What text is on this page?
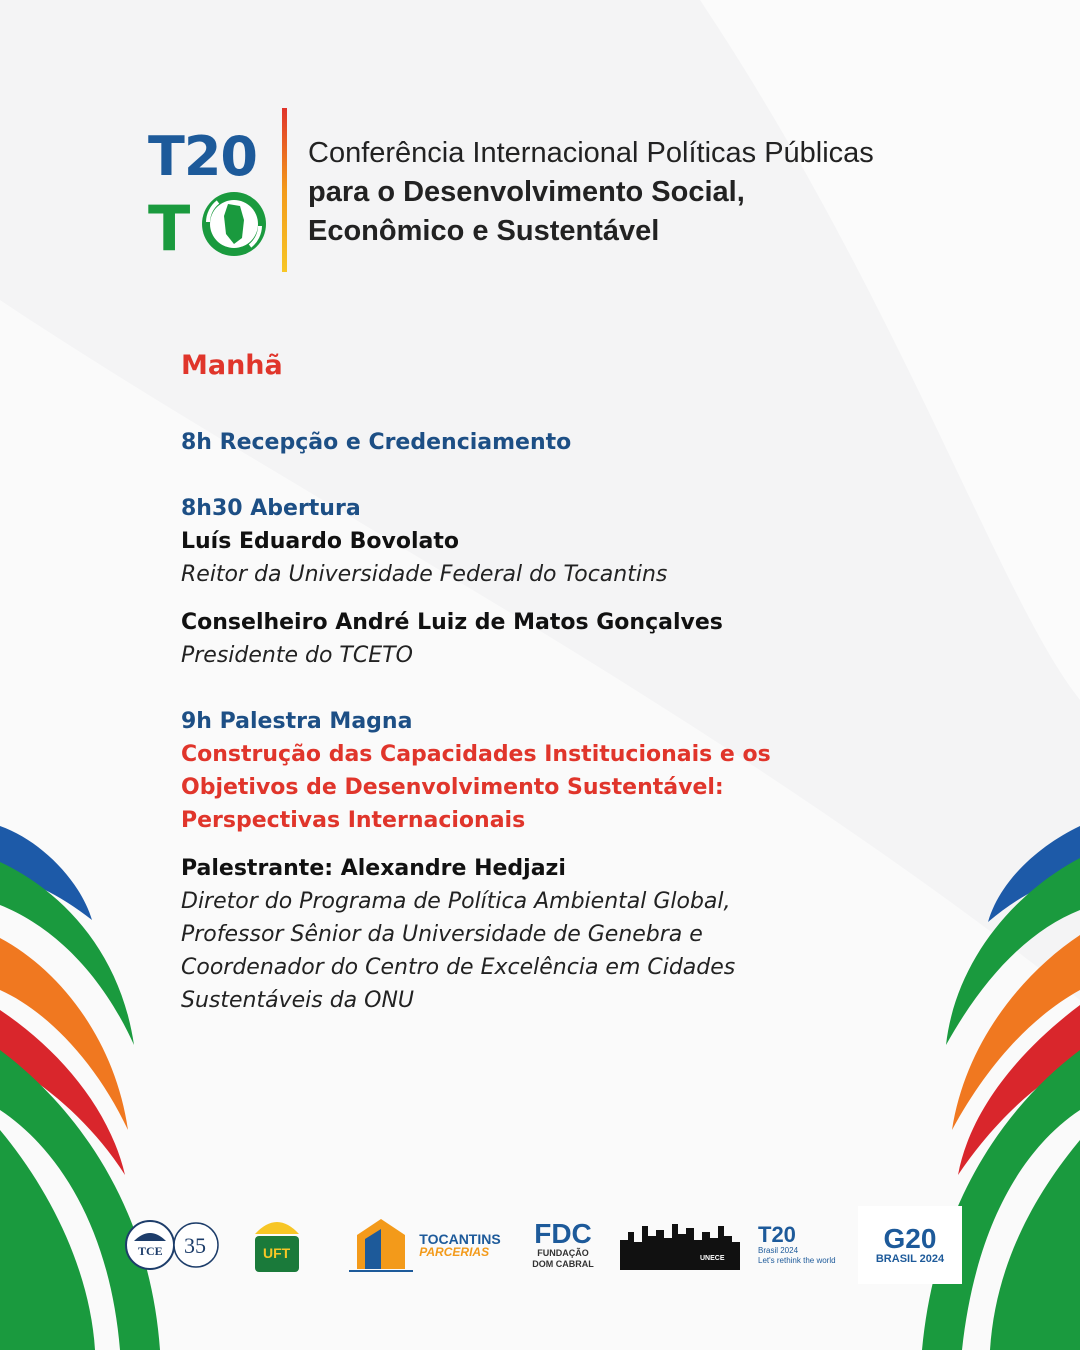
T20
T
Conferência Internacional Políticas Públicas
para o Desenvolvimento Social,
Econômico e Sustentável
Manhã
8h Recepção e Credenciamento
8h30 Abertura
Luís Eduardo Bovolato
Reitor da Universidade Federal do Tocantins
Conselheiro André Luiz de Matos Gonçalves
Presidente do TCETO
9h Palestra Magna
Construção das Capacidades Institucionais e os
Objetivos de Desenvolvimento Sustentável:
Perspectivas Internacionais
Palestrante: Alexandre Hedjazi
Diretor do Programa de Política Ambiental Global,
Professor Sênior da Universidade de Genebra e
Coordenador do Centro de Excelência em Cidades
Sustentáveis da ONU
TCE 35	UFT
TOCANTINS
PARCERIAS
FDC
FUNDAÇÃO
DOM CABRAL
UNECE
T20
Brasil 2024
Let's rethink the world
G20
BRASIL 2024
